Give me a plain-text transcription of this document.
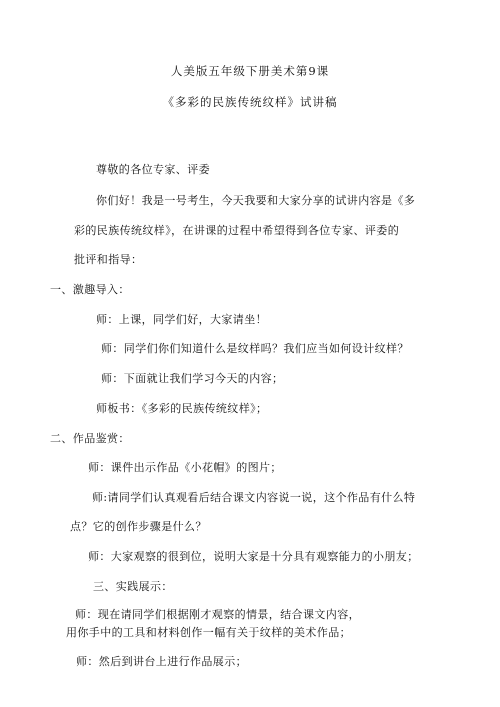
人美版五年级下册美术第9课

《多彩的民族传统纹样》试讲稿

尊敬的各位专家、评委

你们好！我是一号考生，今天我要和大家分享的试讲内容是《多

彩的民族传统纹样》，在讲课的过程中希望得到各位专家、评委的

批评和指导：

一、激趣导入：

师：上课，同学们好，大家请坐！

师：同学们你们知道什么是纹样吗？我们应当如何设计纹样？

师：下面就让我们学习今天的内容；

师板书：《多彩的民族传统纹样》；

二、作品鉴赏：

师：课件出示作品《小花帽》的图片；

师:请同学们认真观看后结合课文内容说一说，这个作品有什么特

点？它的创作步骤是什么？

师：大家观察的很到位，说明大家是十分具有观察能力的小朋友；

三、实践展示：

师：现在请同学们根据刚才观察的情景，结合课文内容，

用你手中的工具和材料创作一幅有关于纹样的美术作品；

师：然后到讲台上进行作品展示；
